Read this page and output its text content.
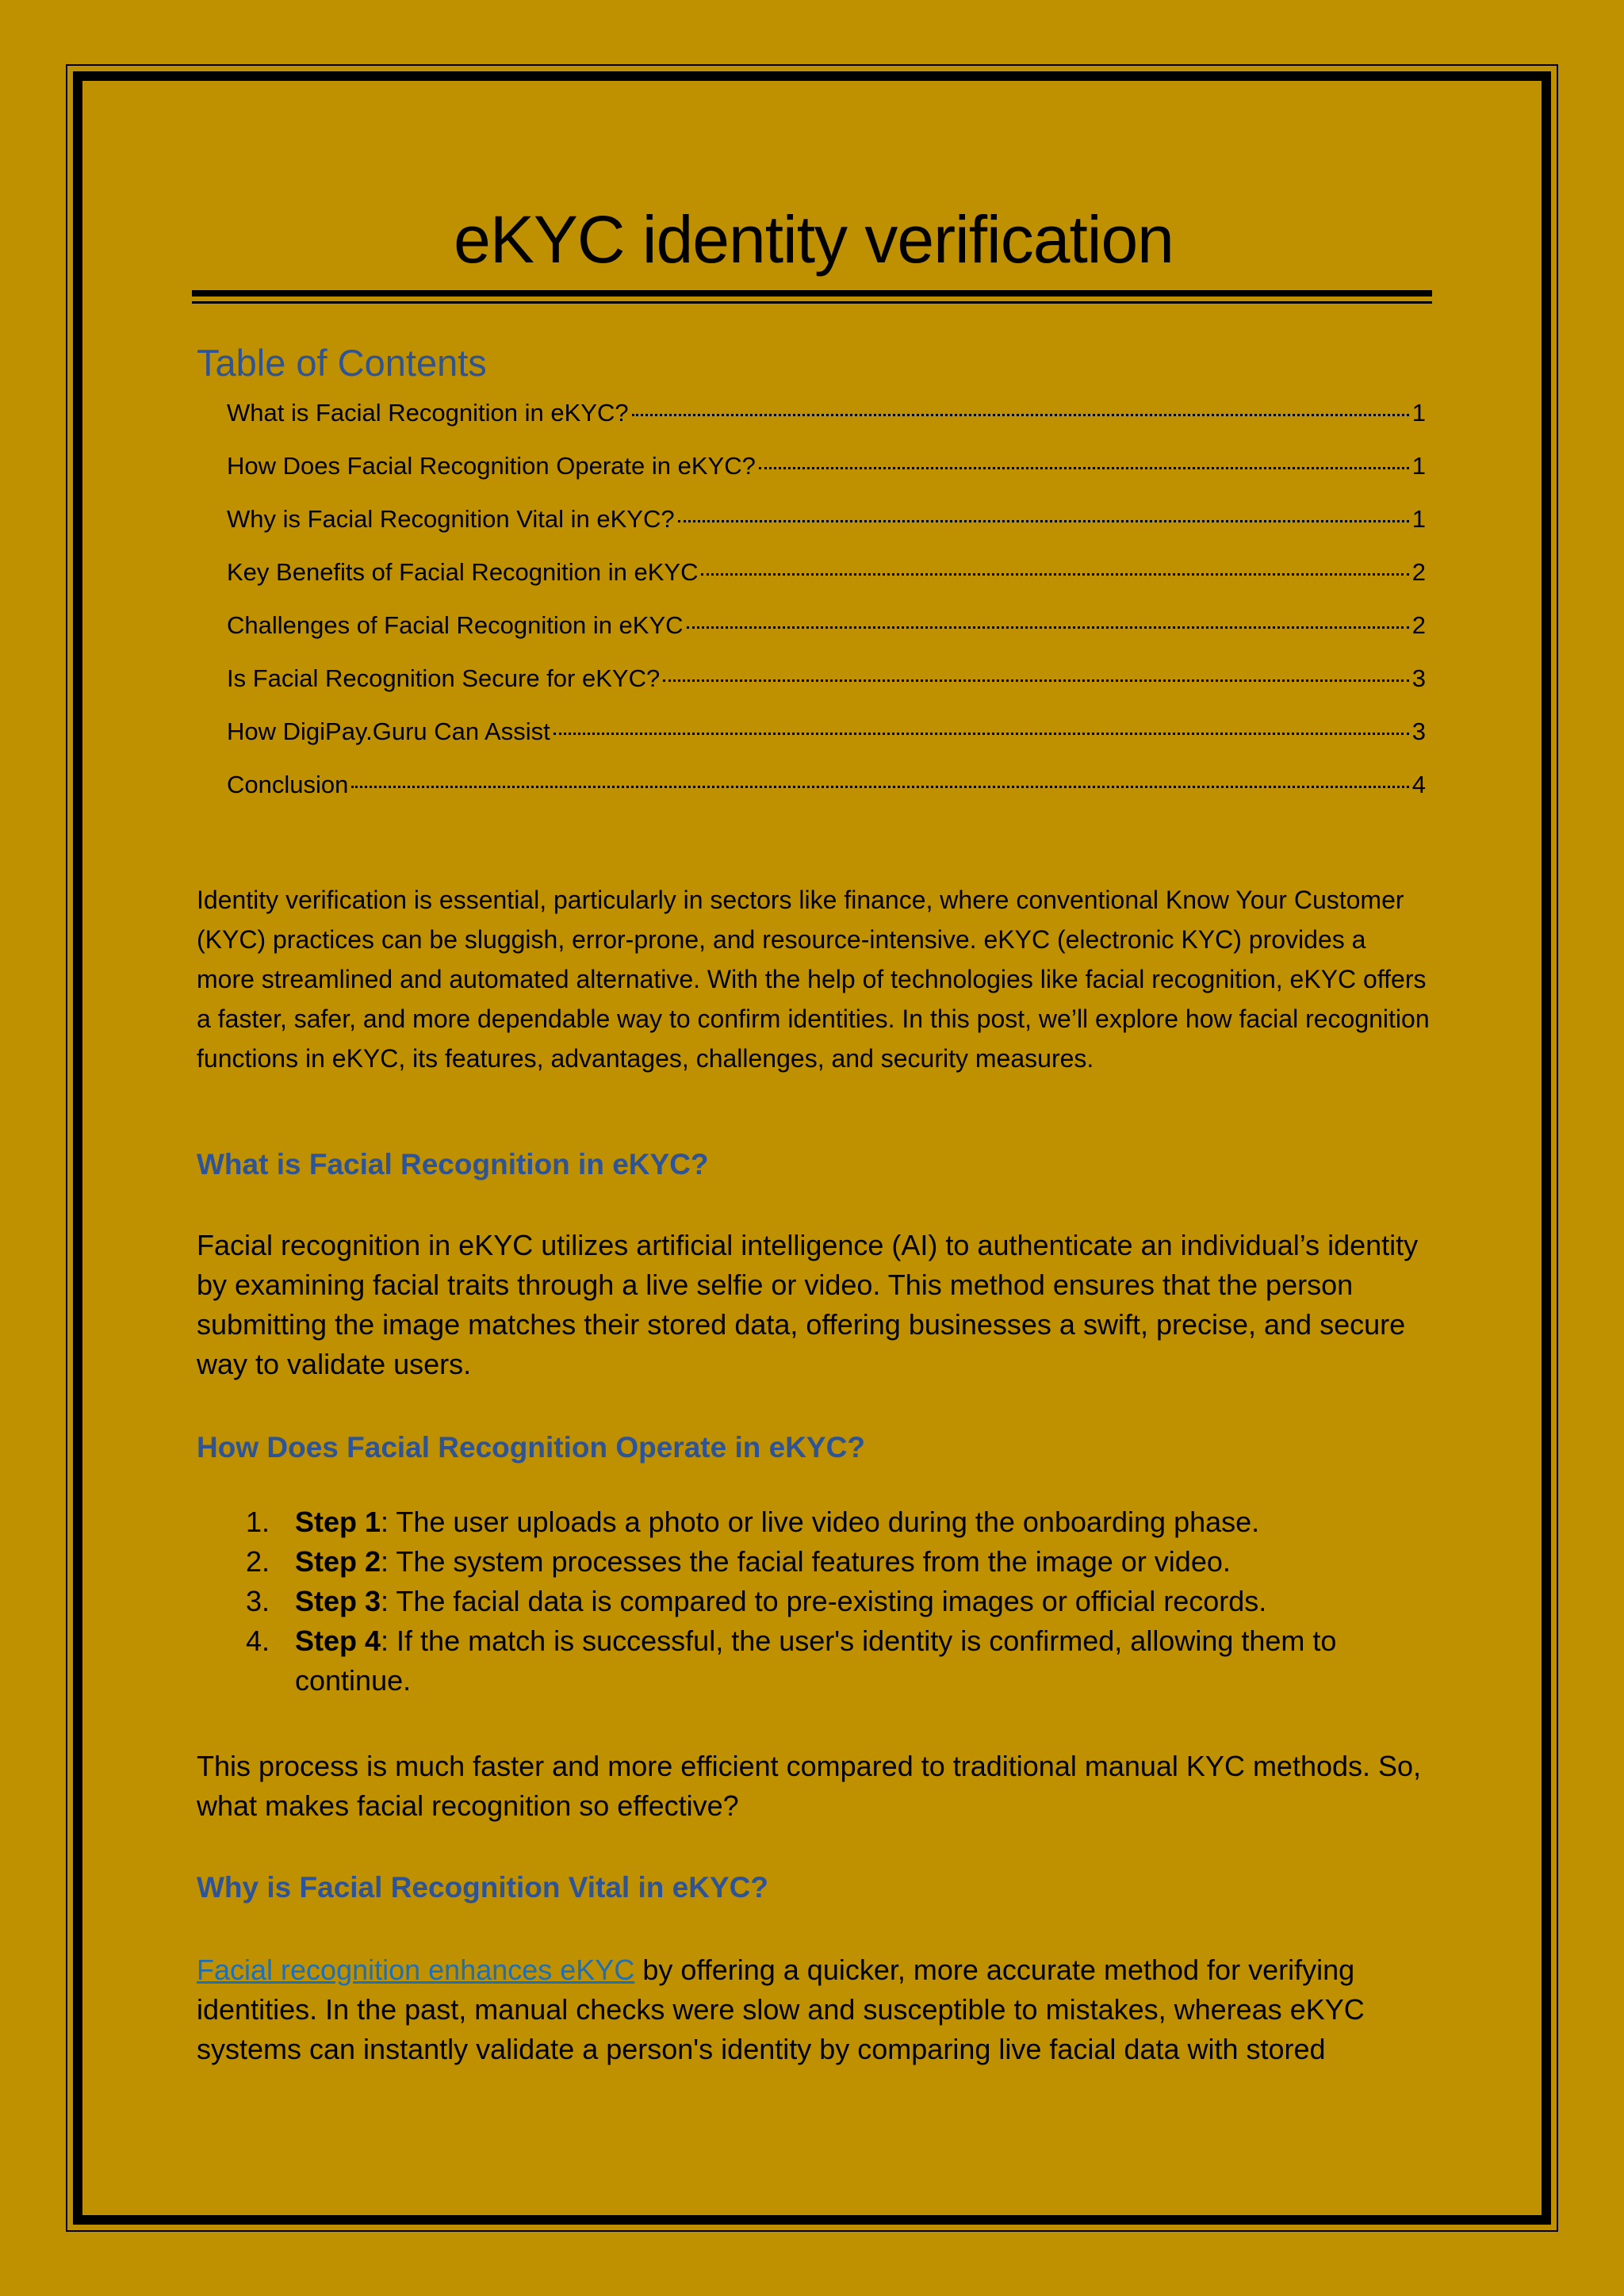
eKYC identity verification
Table of Contents
What is Facial Recognition in eKYC?	1
How Does Facial Recognition Operate in eKYC?	1
Why is Facial Recognition Vital in eKYC?	1
Key Benefits of Facial Recognition in eKYC	2
Challenges of Facial Recognition in eKYC	2
Is Facial Recognition Secure for eKYC?	3
How DigiPay.Guru Can Assist	3
Conclusion	4

Identity verification is essential, particularly in sectors like finance, where conventional Know Your Customer (KYC) practices can be sluggish, error-prone, and resource-intensive. eKYC (electronic KYC) provides a more streamlined and automated alternative. With the help of technologies like facial recognition, eKYC offers a faster, safer, and more dependable way to confirm identities. In this post, we’ll explore how facial recognition functions in eKYC, its features, advantages, challenges, and security measures.

What is Facial Recognition in eKYC?

Facial recognition in eKYC utilizes artificial intelligence (AI) to authenticate an individual’s identity by examining facial traits through a live selfie or video. This method ensures that the person submitting the image matches their stored data, offering businesses a swift, precise, and secure way to validate users.

How Does Facial Recognition Operate in eKYC?
1. Step 1: The user uploads a photo or live video during the onboarding phase.
2. Step 2: The system processes the facial features from the image or video.
3. Step 3: The facial data is compared to pre-existing images or official records.
4. Step 4: If the match is successful, the user's identity is confirmed, allowing them to continue.

This process is much faster and more efficient compared to traditional manual KYC methods. So, what makes facial recognition so effective?

Why is Facial Recognition Vital in eKYC?

Facial recognition enhances eKYC by offering a quicker, more accurate method for verifying identities. In the past, manual checks were slow and susceptible to mistakes, whereas eKYC systems can instantly validate a person's identity by comparing live facial data with stored
